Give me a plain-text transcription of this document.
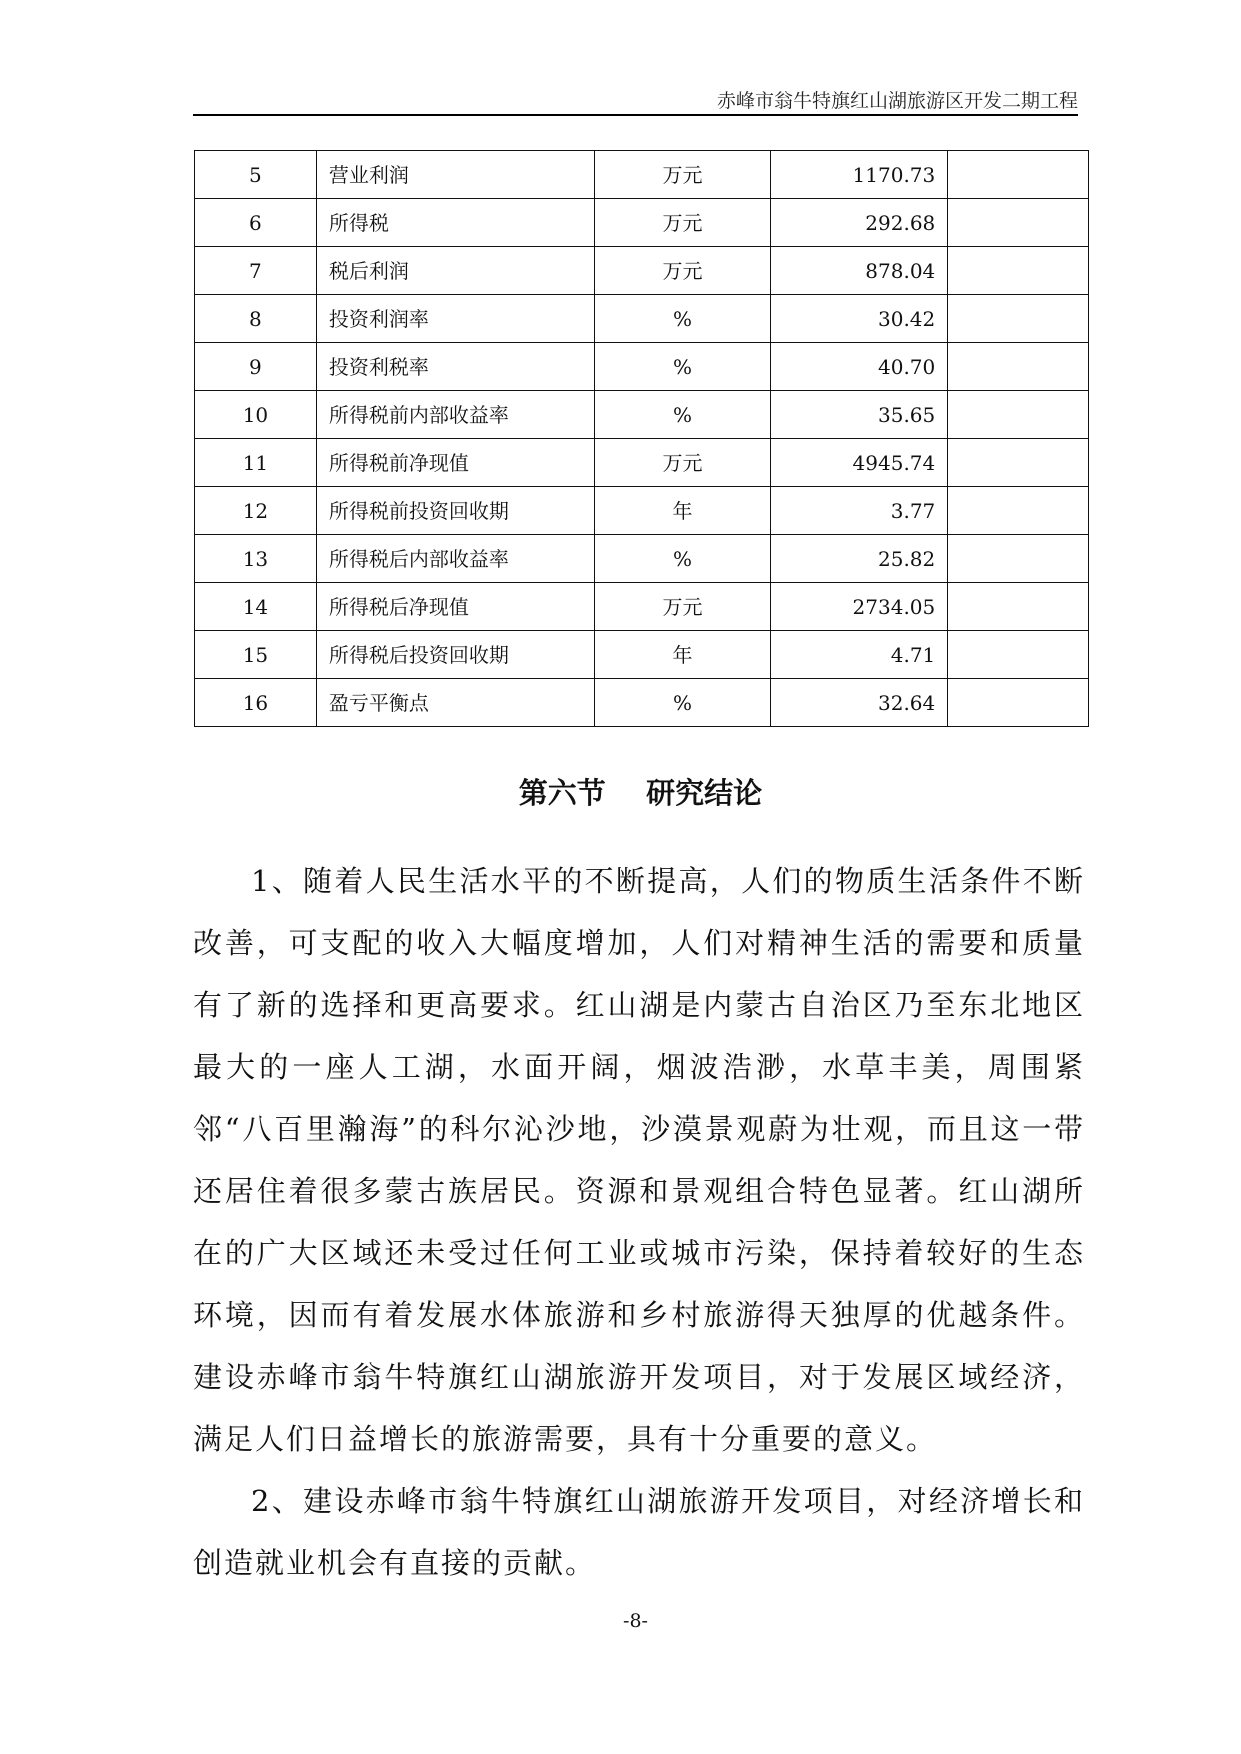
赤峰市翁牛特旗红山湖旅游区开发二期工程
5	营业利润	万元	1170.73	
6	所得税	万元	292.68	
7	税后利润	万元	878.04	
8	投资利润率	%	30.42	
9	投资利税率	%	40.70	
10	所得税前内部收益率	%	35.65	
11	所得税前净现值	万元	4945.74	
12	所得税前投资回收期	年	3.77	
13	所得税后内部收益率	%	25.82	
14	所得税后净现值	万元	2734.05	
15	所得税后投资回收期	年	4.71	
16	盈亏平衡点	%	32.64	
第六节    研究结论

1、随着人民生活水平的不断提高，人们的物质生活条件不断改善，可支配的收入大幅度增加，人们对精神生活的需要和质量有了新的选择和更高要求。红山湖是内蒙古自治区乃至东北地区最大的一座人工湖，水面开阔，烟波浩渺，水草丰美，周围紧邻“八百里瀚海”的科尔沁沙地，沙漠景观蔚为壮观，而且这一带还居住着很多蒙古族居民。资源和景观组合特色显著。红山湖所在的广大区域还未受过任何工业或城市污染，保持着较好的生态环境，因而有着发展水体旅游和乡村旅游得天独厚的优越条件。建设赤峰市翁牛特旗红山湖旅游开发项目，对于发展区域经济，满足人们日益增长的旅游需要，具有十分重要的意义。

2、建设赤峰市翁牛特旗红山湖旅游开发项目，对经济增长和创造就业机会有直接的贡献。

-8-
